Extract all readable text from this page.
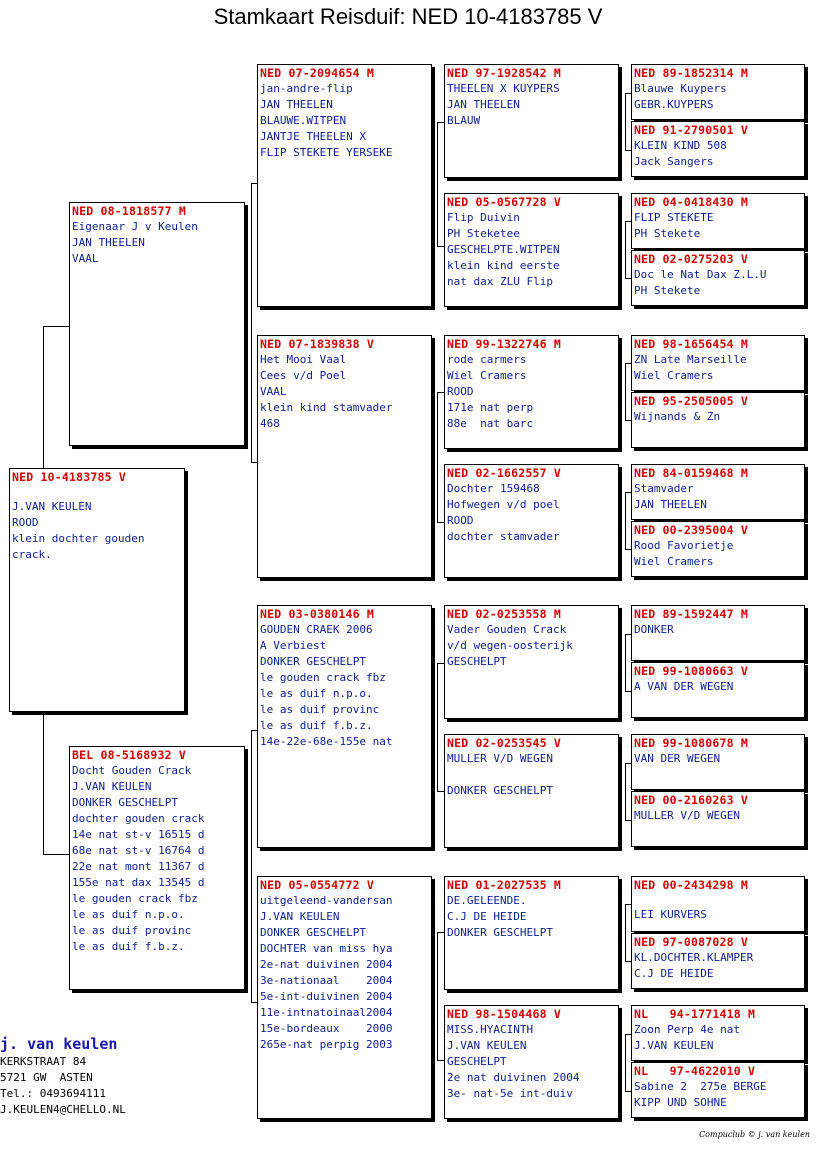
Stamkaart Reisduif: NED 10-4183785 V
NED 10-4183785 V
J.VAN KEULEN
ROOD
klein dochter gouden
crack.
NED 08-1818577 M
Eigenaar J v Keulen
JAN THEELEN
VAAL
BEL 08-5168932 V
Docht Gouden Crack
J.VAN KEULEN
DONKER GESCHELPT
dochter gouden crack
14e nat st-v 16515 d
68e nat st-v 16764 d
22e nat mont 11367 d
155e nat dax 13545 d
le gouden crack fbz
le as duif n.p.o.
le as duif provinc
le as duif f.b.z.
NED 07-2094654 M
jan-andre-flip
JAN THEELEN
BLAUWE.WITPEN
JANTJE THEELEN X
FLIP STEKETE YERSEKE
NED 07-1839838 V
Het Mooi Vaal
Cees v/d Poel
VAAL
klein kind stamvader
468
NED 03-0380146 M
GOUDEN CRAEK 2006
A Verbiest
DONKER GESCHELPT
le gouden crack fbz
le as duif n.p.o.
le as duif provinc
le as duif f.b.z.
14e-22e-68e-155e nat
NED 05-0554772 V
uitgeleend-vandersan
J.VAN KEULEN
DONKER GESCHELPT
DOCHTER van miss hya
2e-nat duivinen 2004
3e-nationaal    2004
5e-int-duivinen 2004
11e-intnatoinaal2004
15e-bordeaux    2000
265e-nat perpig 2003
NED 97-1928542 M
THEELEN X KUYPERS
JAN THEELEN
BLAUW
NED 05-0567728 V
Flip Duivin
PH Steketee
GESCHELPTE.WITPEN
klein kind eerste
nat dax ZLU Flip
NED 99-1322746 M
rode carmers
Wiel Cramers
ROOD
171e nat perp
88e  nat barc
NED 02-1662557 V
Dochter 159468
Hofwegen v/d poel
ROOD
dochter stamvader
NED 02-0253558 M
Vader Gouden Crack
v/d wegen-oosterijk
GESCHELPT
NED 02-0253545 V
MULLER V/D WEGEN

DONKER GESCHELPT
NED 01-2027535 M
DE.GELEENDE.
C.J DE HEIDE
DONKER GESCHELPT
NED 98-1504468 V
MISS.HYACINTH
J.VAN KEULEN
GESCHELPT
2e nat duivinen 2004
3e- nat-5e int-duiv
NED 89-1852314 M
Blauwe Kuypers
GEBR.KUYPERS
NED 91-2790501 V
KLEIN KIND 508
Jack Sangers
NED 04-0418430 M
FLIP STEKETE
PH Stekete
NED 02-0275203 V
Doc le Nat Dax Z.L.U
PH Stekete
NED 98-1656454 M
ZN Late Marseille
Wiel Cramers
NED 95-2505005 V
Wijnands & Zn
NED 84-0159468 M
Stamvader
JAN THEELEN
NED 00-2395004 V
Rood Favorietje
Wiel Cramers
NED 89-1592447 M
DONKER
NED 99-1080663 V
A VAN DER WEGEN
NED 99-1080678 M
VAN DER WEGEN
NED 00-2160263 V
MULLER V/D WEGEN
NED 00-2434298 M
LEI KURVERS
NED 97-0087028 V
KL.DOCHTER.KLAMPER
C.J DE HEIDE
NL   94-1771418 M
Zoon Perp 4e nat
J.VAN KEULEN
NL   97-4622010 V
Sabine 2  275e BERGE
KIPP UND SOHNE
j. van keulen
KERKSTRAAT 84
5721 GW  ASTEN
Tel.: 0493694111
J.KEULEN4@CHELLO.NL
Compuclub © j. van keulen
